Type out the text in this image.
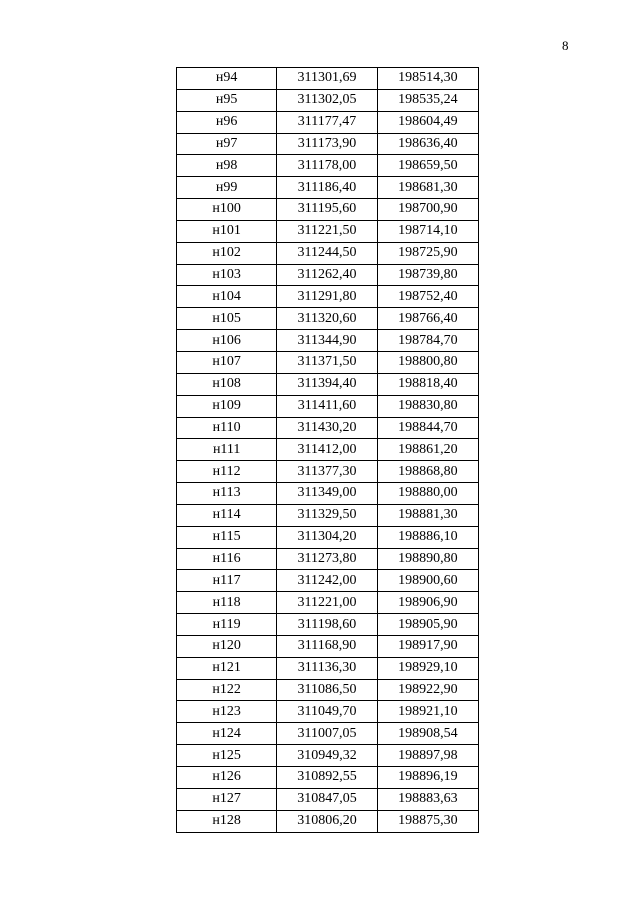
8
н94	311301,69	198514,30
н95	311302,05	198535,24
н96	311177,47	198604,49
н97	311173,90	198636,40
н98	311178,00	198659,50
н99	311186,40	198681,30
н100	311195,60	198700,90
н101	311221,50	198714,10
н102	311244,50	198725,90
н103	311262,40	198739,80
н104	311291,80	198752,40
н105	311320,60	198766,40
н106	311344,90	198784,70
н107	311371,50	198800,80
н108	311394,40	198818,40
н109	311411,60	198830,80
н110	311430,20	198844,70
н111	311412,00	198861,20
н112	311377,30	198868,80
н113	311349,00	198880,00
н114	311329,50	198881,30
н115	311304,20	198886,10
н116	311273,80	198890,80
н117	311242,00	198900,60
н118	311221,00	198906,90
н119	311198,60	198905,90
н120	311168,90	198917,90
н121	311136,30	198929,10
н122	311086,50	198922,90
н123	311049,70	198921,10
н124	311007,05	198908,54
н125	310949,32	198897,98
н126	310892,55	198896,19
н127	310847,05	198883,63
н128	310806,20	198875,30
